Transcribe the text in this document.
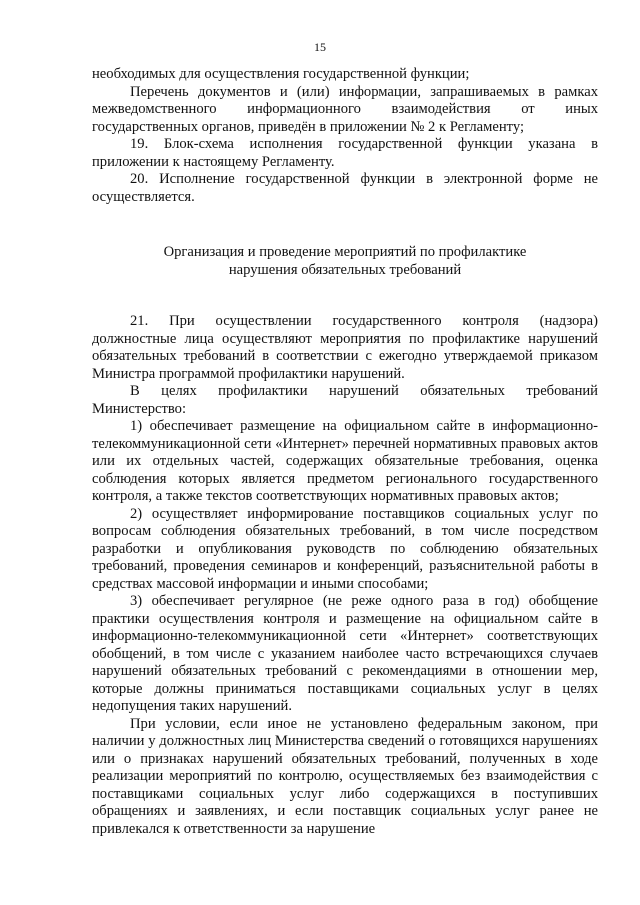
15

необходимых для осуществления государственной функции;

Перечень документов и (или) информации, запрашиваемых в рамках межведомственного информационного взаимодействия от иных государственных органов, приведён в приложении № 2 к Регламенту;

19. Блок-схема исполнения государственной функции указана в приложении к настоящему Регламенту.

20. Исполнение государственной функции в электронной форме не осуществляется.

Организация и проведение мероприятий по профилактике
нарушения обязательных требований

21. При осуществлении государственного контроля (надзора) должностные лица осуществляют мероприятия по профилактике нарушений обязательных требований в соответствии с ежегодно утверждаемой приказом Министра программой профилактики нарушений.

В целях профилактики нарушений обязательных требований Министерство:

1) обеспечивает размещение на официальном сайте в информационно-телекоммуникационной сети «Интернет» перечней нормативных правовых актов или их отдельных частей, содержащих обязательные требования, оценка соблюдения которых является предметом регионального государственного контроля, а также текстов соответствующих нормативных правовых актов;

2) осуществляет информирование поставщиков социальных услуг по вопросам соблюдения обязательных требований, в том числе посредством разработки и опубликования руководств по соблюдению обязательных требований, проведения семинаров и конференций, разъяснительной работы в средствах массовой информации и иными способами;

3) обеспечивает регулярное (не реже одного раза в год) обобщение практики осуществления контроля и размещение на официальном сайте в информационно-телекоммуникационной сети «Интернет» соответствующих обобщений, в том числе с указанием наиболее часто встречающихся случаев нарушений обязательных требований с рекомендациями в отношении мер, которые должны приниматься поставщиками социальных услуг в целях недопущения таких нарушений.

При условии, если иное не установлено федеральным законом, при наличии у должностных лиц Министерства сведений о готовящихся нарушениях или о признаках нарушений обязательных требований, полученных в ходе реализации мероприятий по контролю, осуществляемых без взаимодействия с поставщиками социальных услуг либо содержащихся в поступивших обращениях и заявлениях, и если поставщик социальных услуг ранее не привлекался к ответственности за нарушение
